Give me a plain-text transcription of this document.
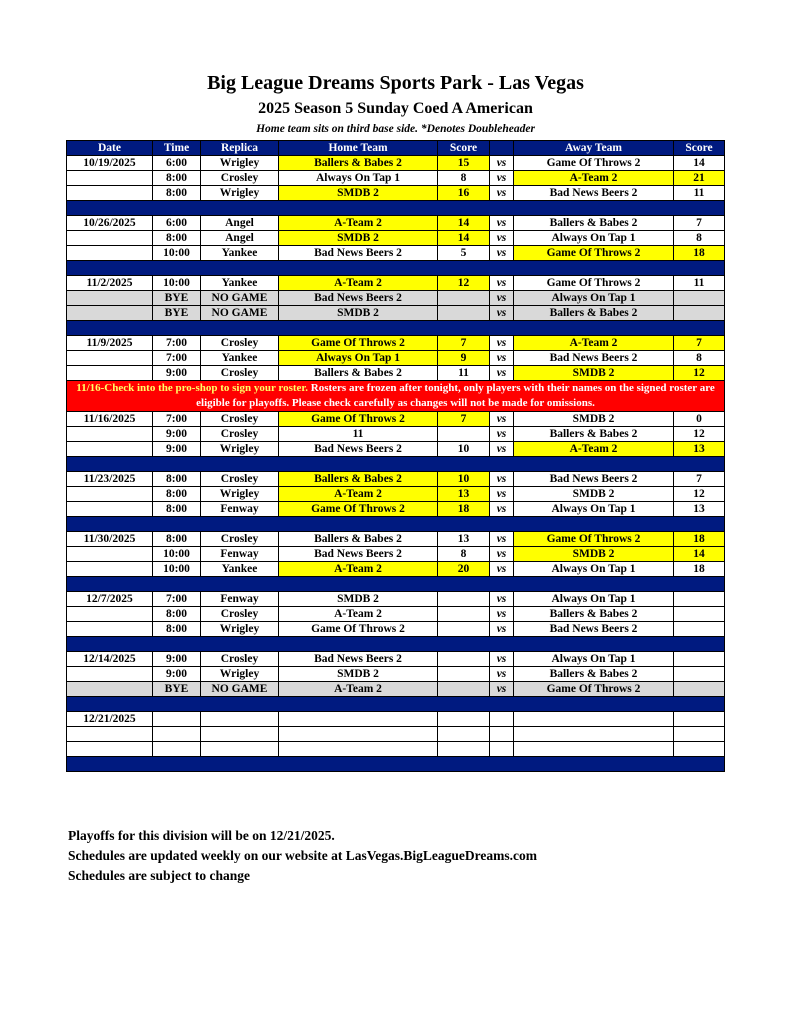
Big League Dreams Sports Park - Las Vegas
2025 Season 5 Sunday Coed A American
Home team sits on third base side. *Denotes Doubleheader
Date	Time	Replica	Home Team	Score		Away Team	Score
10/19/2025	6:00	Wrigley	Ballers & Babes 2	15	vs	Game Of Throws 2	14
	8:00	Crosley	Always On Tap 1	8	vs	A-Team 2	21
	8:00	Wrigley	SMDB 2	16	vs	Bad News Beers 2	11

10/26/2025	6:00	Angel	A-Team 2	14	vs	Ballers & Babes 2	7
	8:00	Angel	SMDB 2	14	vs	Always On Tap 1	8
	10:00	Yankee	Bad News Beers 2	5	vs	Game Of Throws 2	18

11/2/2025	10:00	Yankee	A-Team 2	12	vs	Game Of Throws 2	11
	BYE	NO GAME	Bad News Beers 2		vs	Always On Tap 1	
	BYE	NO GAME	SMDB 2		vs	Ballers & Babes 2	

11/9/2025	7:00	Crosley	Game Of Throws 2	7	vs	A-Team 2	7
	7:00	Yankee	Always On Tap 1	9	vs	Bad News Beers 2	8
	9:00	Crosley	Ballers & Babes 2	11	vs	SMDB 2	12
11/16-Check into the pro-shop to sign your roster. Rosters are frozen after tonight, only players with their names on the signed roster are eligible for playoffs. Please check carefully as changes will not be made for omissions.							
11/16/2025	7:00	Crosley	Game Of Throws 2	7	vs	SMDB 2	0
	9:00	Crosley	11		vs	Ballers & Babes 2	12
	9:00	Wrigley	Bad News Beers 2	10	vs	A-Team 2	13

11/23/2025	8:00	Crosley	Ballers & Babes 2	10	vs	Bad News Beers 2	7
	8:00	Wrigley	A-Team 2	13	vs	SMDB 2	12
	8:00	Fenway	Game Of Throws 2	18	vs	Always On Tap 1	13

11/30/2025	8:00	Crosley	Ballers & Babes 2	13	vs	Game Of Throws 2	18
	10:00	Fenway	Bad News Beers 2	8	vs	SMDB 2	14
	10:00	Yankee	A-Team 2	20	vs	Always On Tap 1	18

12/7/2025	7:00	Fenway	SMDB 2		vs	Always On Tap 1	
	8:00	Crosley	A-Team 2		vs	Ballers & Babes 2	
	8:00	Wrigley	Game Of Throws 2		vs	Bad News Beers 2	

12/14/2025	9:00	Crosley	Bad News Beers 2		vs	Always On Tap 1	
	9:00	Wrigley	SMDB 2		vs	Ballers & Babes 2	
	BYE	NO GAME	A-Team 2		vs	Game Of Throws 2	

12/21/2025							

Playoffs for this division will be on 12/21/2025.
Schedules are updated weekly on our website at LasVegas.BigLeagueDreams.com
Schedules are subject to change
